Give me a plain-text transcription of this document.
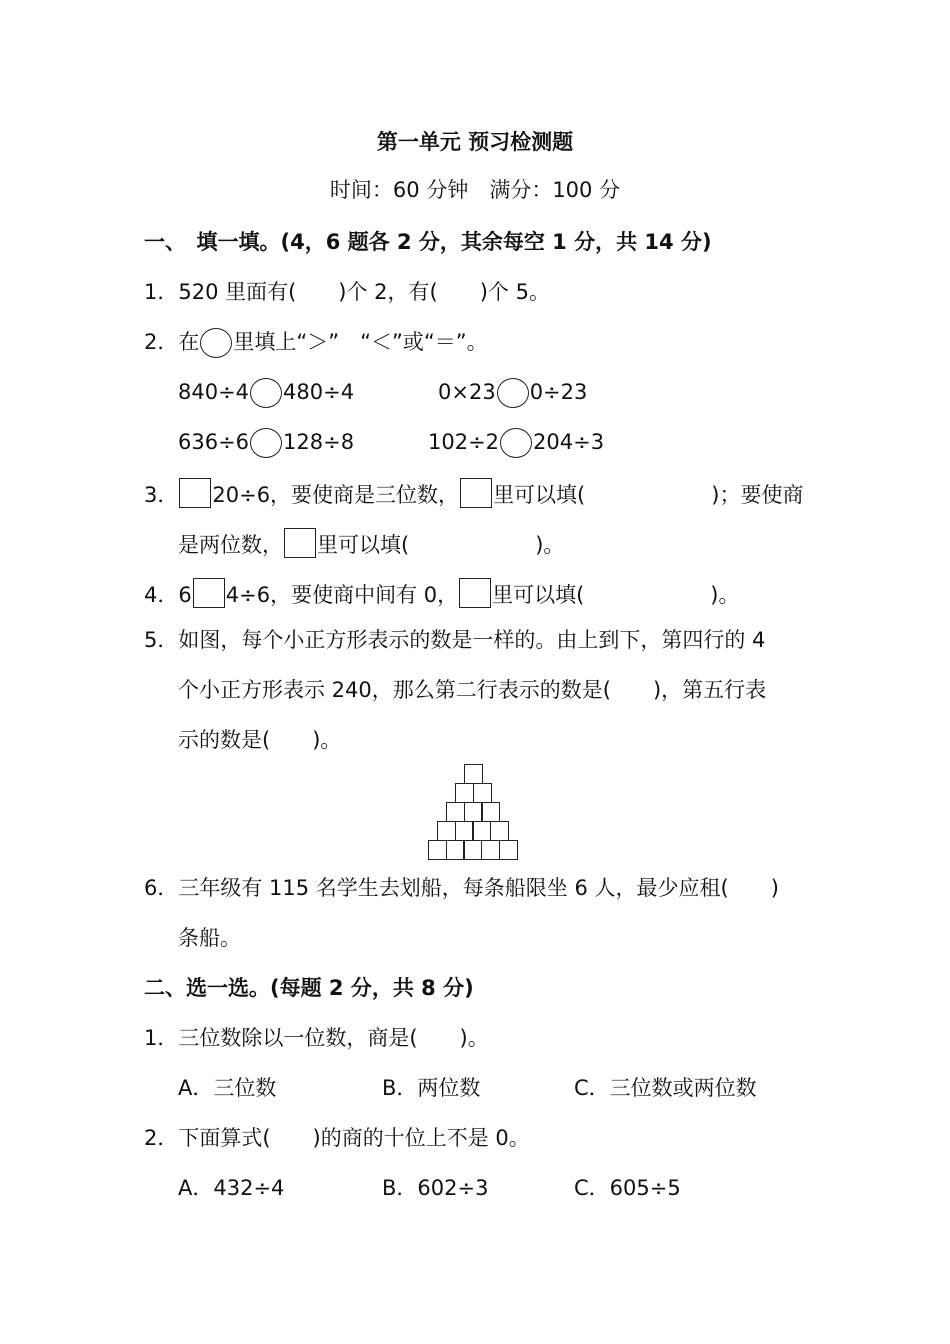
第一单元 预习检测题
时间：60 分钟　满分：100 分
一、　填一填。(4，6 题各 2 分，其余每空 1 分，共 14 分)
1．520 里面有(　　)个 2，有(　　)个 5。
2．在 里填上“＞”　“＜”或“＝”。
840÷4 480÷4	0×23 0÷23
636÷6 128÷8	102÷2 204÷3
3． 20÷6，要使商是三位数， 里可以填(　　　　　　)；要使商
是两位数， 里可以填(　　　　　　)。
4．6 4÷6，要使商中间有 0， 里可以填(　　　　　　)。
5．如图，每个小正方形表示的数是一样的。由上到下，第四行的 4
个小正方形表示 240，那么第二行表示的数是(　　)，第五行表
示的数是(　　)。
6．三年级有 115 名学生去划船，每条船限坐 6 人，最少应租(　　)
条船。
二、选一选。(每题 2 分，共 8 分)
1．三位数除以一位数，商是(　　)。
A．三位数	B．两位数	C．三位数或两位数
2．下面算式(　　)的商的十位上不是 0。
A．432÷4	B．602÷3	C．605÷5
